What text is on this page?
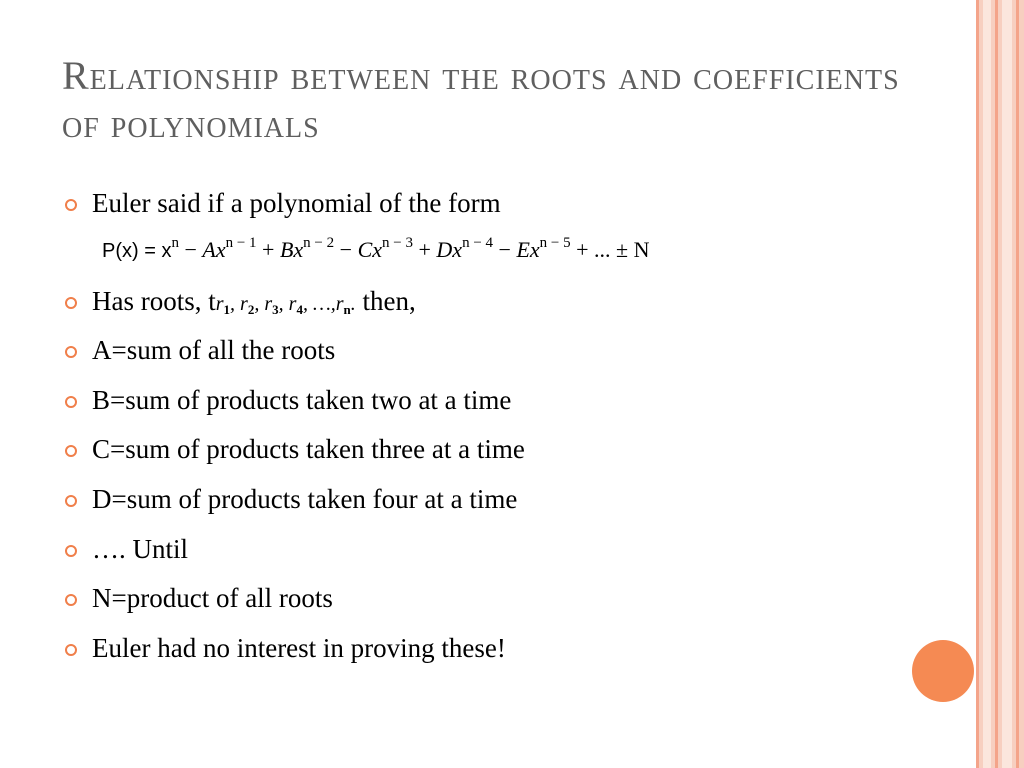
Relationship between the roots and coefficients of polynomials
Euler said if a polynomial of the form
$P(x) = x^n - Ax^{n - 1} + Bx^{n - 2} - Cx^{n - 3} + Dx^{n - 4} - Ex^{n - 5}$ + ... ± N
Has roots, $tr_1$, $r_2$, $r_3$, $r_4$, $\dots,r_n$. then,
A=sum of all the roots
B=sum of products taken two at a time
C=sum of products taken three at a time
D=sum of products taken four at a time
…. Until
N=product of all roots
Euler had no interest in proving these!
